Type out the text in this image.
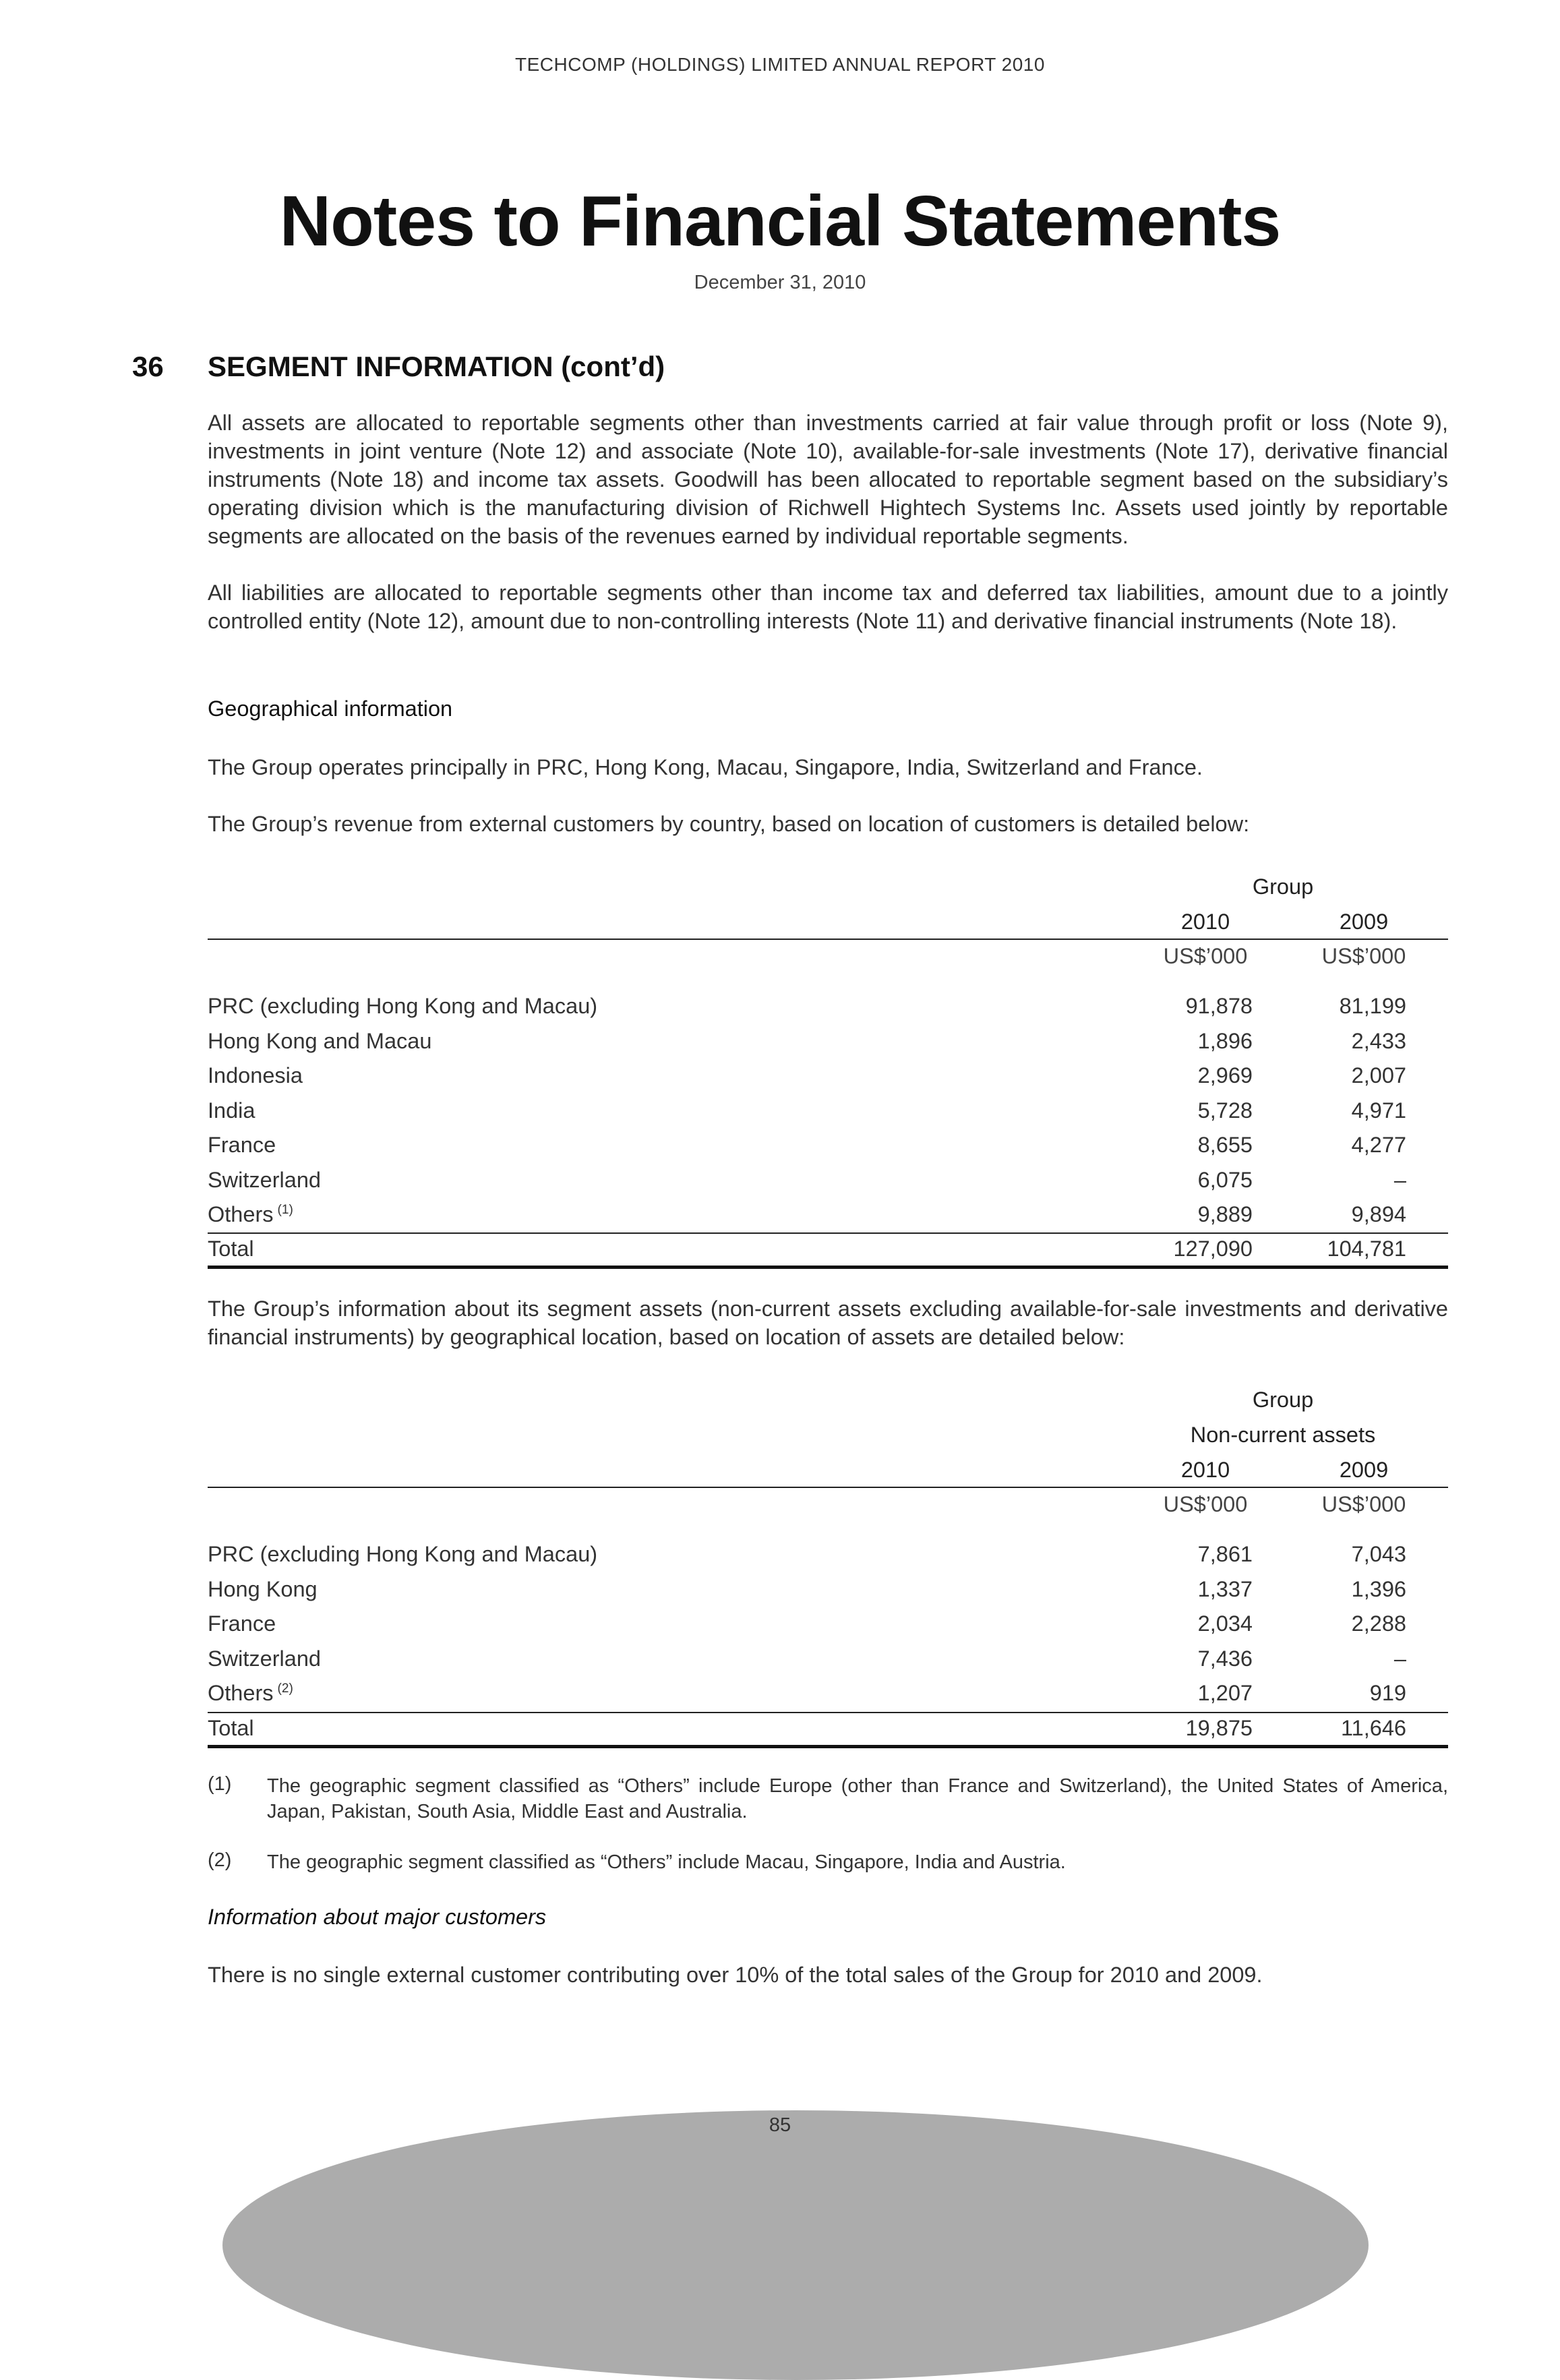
TECHCOMP (HOLDINGS) LIMITED ANNUAL REPORT 2010
Notes to Financial Statements
December 31, 2010
36 SEGMENT INFORMATION (cont’d)
All assets are allocated to reportable segments other than investments carried at fair value through profit or loss (Note 9), investments in joint venture (Note 12) and associate (Note 10), available-for-sale investments (Note 17), derivative financial instruments (Note 18) and income tax assets. Goodwill has been allocated to reportable segment based on the subsidiary’s operating division which is the manufacturing division of Richwell Hightech Systems Inc. Assets used jointly by reportable segments are allocated on the basis of the revenues earned by individual reportable segments.
All liabilities are allocated to reportable segments other than income tax and deferred tax liabilities, amount due to a jointly controlled entity (Note 12), amount due to non-controlling interests (Note 11) and derivative financial instruments (Note 18).
Geographical information
The Group operates principally in PRC, Hong Kong, Macau, Singapore, India, Switzerland and France.
The Group’s revenue from external customers by country, based on location of customers is detailed below:
Group
2010	2009
US$’000	US$’000
PRC (excluding Hong Kong and Macau)	91,878	81,199
Hong Kong and Macau	1,896	2,433
Indonesia	2,969	2,007
India	5,728	4,971
France	8,655	4,277
Switzerland	6,075	–
Others $^{(1)}$	9,889	9,894
Total	127,090	104,781
The Group’s information about its segment assets (non-current assets excluding available-for-sale investments and derivative financial instruments) by geographical location, based on location of assets are detailed below:
Group
Non-current assets
2010	2009
US$’000	US$’000
PRC (excluding Hong Kong and Macau)	7,861	7,043
Hong Kong	1,337	1,396
France	2,034	2,288
Switzerland	7,436	–
Others $^{(2)}$	1,207	919
Total	19,875	11,646
(1) The geographic segment classified as “Others” include Europe (other than France and Switzerland), the United States of America, Japan, Pakistan, South Asia, Middle East and Australia.
(2) The geographic segment classified as “Others” include Macau, Singapore, India and Austria.
Information about major customers
There is no single external customer contributing over 10% of the total sales of the Group for 2010 and 2009.
85
